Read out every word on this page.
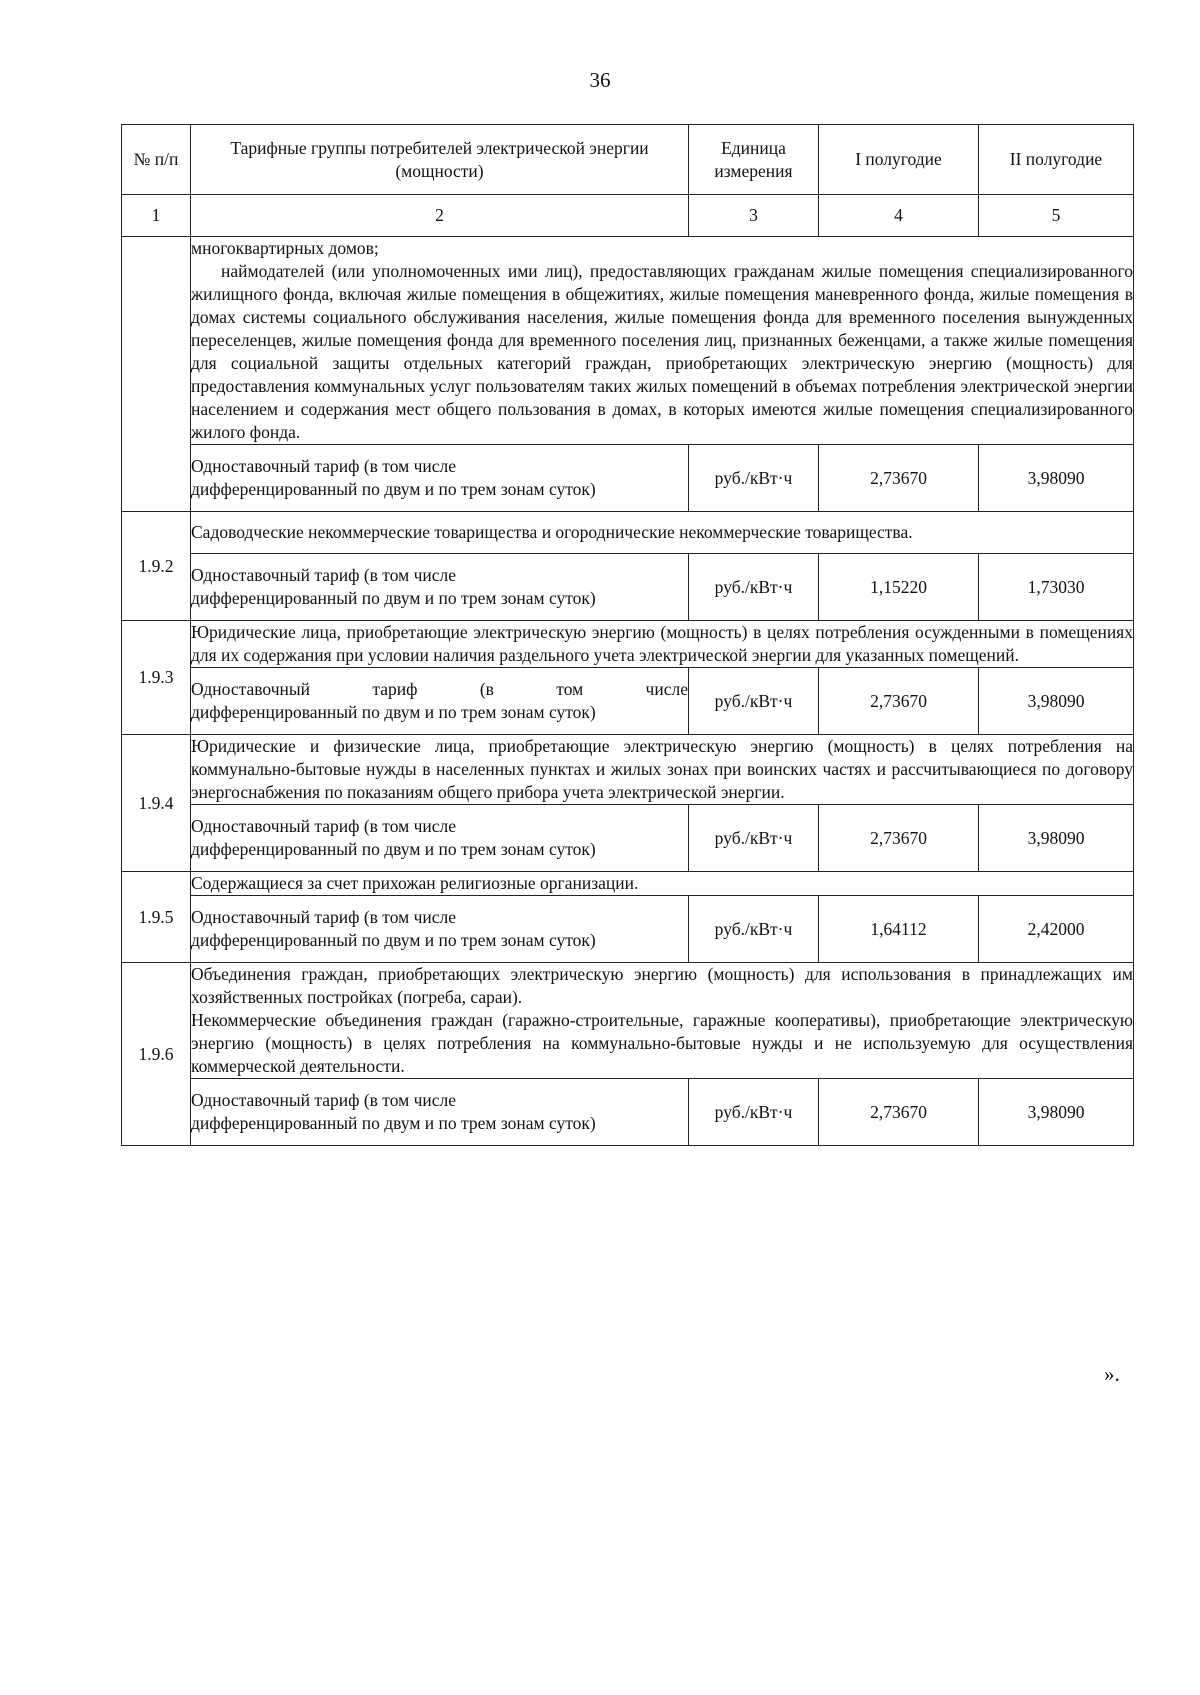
36
№ п/п	Тарифные группы потребителей электрической энергии (мощности)	Единица измерения	I полугодие	II полугодие
1	2	3	4	5

	многоквартирных домов;

наймодателей (или уполномоченных ими лиц), предоставляющих гражданам жилые помещения специализированного жилищного фонда, включая жилые помещения в общежитиях, жилые помещения маневренного фонда, жилые помещения в домах системы социального обслуживания населения, жилые помещения фонда для временного поселения вынужденных переселенцев, жилые помещения фонда для временного поселения лиц, признанных беженцами, а также жилые помещения для социальной защиты отдельных категорий граждан, приобретающих электрическую энергию (мощность) для предоставления коммунальных услуг пользователям таких жилых помещений в объемах потребления электрической энергии населением и содержания мест общего пользования в домах, в которых имеются жилые помещения специализированного жилого фонда.			

	Одноставочный тариф (в том числе
дифференцированный по двум и по трем зонам суток)	руб./кВт·ч	2,73670	3,98090
1.9.2	Садоводческие некоммерческие товарищества и огороднические некоммерческие товарищества.			

	Одноставочный тариф (в том числе
дифференцированный по двум и по трем зонам суток)	руб./кВт·ч	1,15220	1,73030
1.9.3	Юридические лица, приобретающие электрическую энергию (мощность) в целях потребления осужденными в помещениях для их содержания при условии наличия раздельного учета электрической энергии для указанных помещений.			

	Одноставочный тариф (в том числе
дифференцированный по двум и по трем зонам суток)	руб./кВт·ч	2,73670	3,98090
1.9.4	Юридические и физические лица, приобретающие электрическую энергию (мощность) в целях потребления на коммунально-бытовые нужды в населенных пунктах и жилых зонах при воинских частях и рассчитывающиеся по договору энергоснабжения по показаниям общего прибора учета электрической энергии.			

	Одноставочный тариф (в том числе
дифференцированный по двум и по трем зонам суток)	руб./кВт·ч	2,73670	3,98090
1.9.5	Содержащиеся за счет прихожан религиозные организации.			

	Одноставочный тариф (в том числе
дифференцированный по двум и по трем зонам суток)	руб./кВт·ч	1,64112	2,42000
1.9.6	Объединения граждан, приобретающих электрическую энергию (мощность) для использования в принадлежащих им хозяйственных постройках (погреба, сараи).

Некоммерческие объединения граждан (гаражно-строительные, гаражные кооперативы), приобретающие электрическую энергию (мощность) в целях потребления на коммунально-бытовые нужды и не используемую для осуществления коммерческой деятельности.			

	Одноставочный тариф (в том числе
дифференцированный по двум и по трем зонам суток)	руб./кВт·ч	2,73670	3,98090
».
